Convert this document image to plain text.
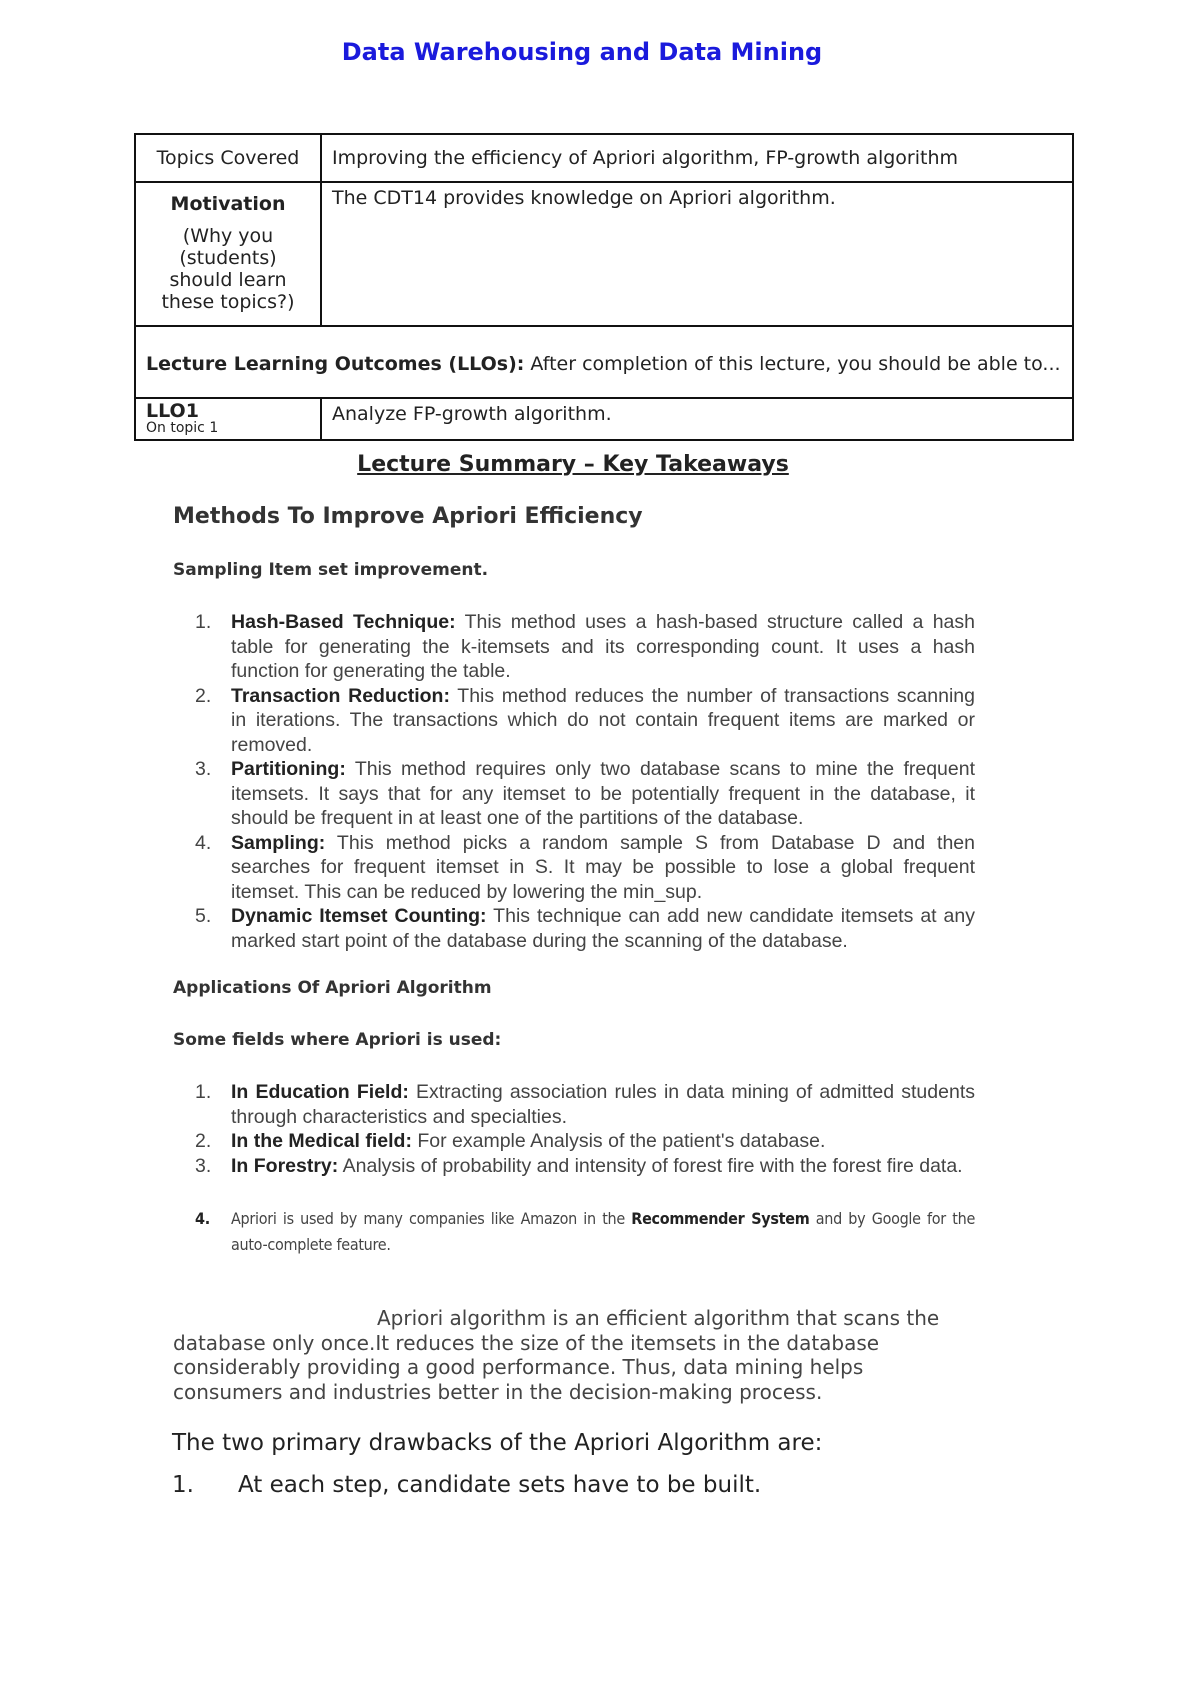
Data Warehousing and Data Mining
Topics Covered	Improving the efficiency of Apriori algorithm, FP-growth algorithm

Motivation
(Why you (students) should learn these topics?)	The CDT14 provides knowledge on Apriori algorithm.
Lecture Learning Outcomes (LLOs): After completion of this lecture, you should be able to...	

LLO1
On topic 1	Analyze FP-growth algorithm.
Lecture Summary – Key Takeaways
Methods To Improve Apriori Efficiency
Sampling Item set improvement.
1. Hash-Based Technique: This method uses a hash-based structure called a hash table for generating the k-itemsets and its corresponding count. It uses a hash function for generating the table.
2. Transaction Reduction: This method reduces the number of transactions scanning in iterations. The transactions which do not contain frequent items are marked or removed.
3. Partitioning: This method requires only two database scans to mine the frequent itemsets. It says that for any itemset to be potentially frequent in the database, it should be frequent in at least one of the partitions of the database.
4. Sampling: This method picks a random sample S from Database D and then searches for frequent itemset in S. It may be possible to lose a global frequent itemset. This can be reduced by lowering the min_sup.
5. Dynamic Itemset Counting: This technique can add new candidate itemsets at any marked start point of the database during the scanning of the database.
Applications Of Apriori Algorithm
Some fields where Apriori is used:
1. In Education Field: Extracting association rules in data mining of admitted students through characteristics and specialties.
2. In the Medical field: For example Analysis of the patient's database.
3. In Forestry: Analysis of probability and intensity of forest fire with the forest fire data.
4. Apriori is used by many companies like Amazon in the Recommender System and by Google for the auto-complete feature.
Apriori algorithm is an efficient algorithm that scans the database only once.It reduces the size of the itemsets in the database considerably providing a good performance. Thus, data mining helps consumers and industries better in the decision-making process.
The two primary drawbacks of the Apriori Algorithm are:
1. At each step, candidate sets have to be built.
